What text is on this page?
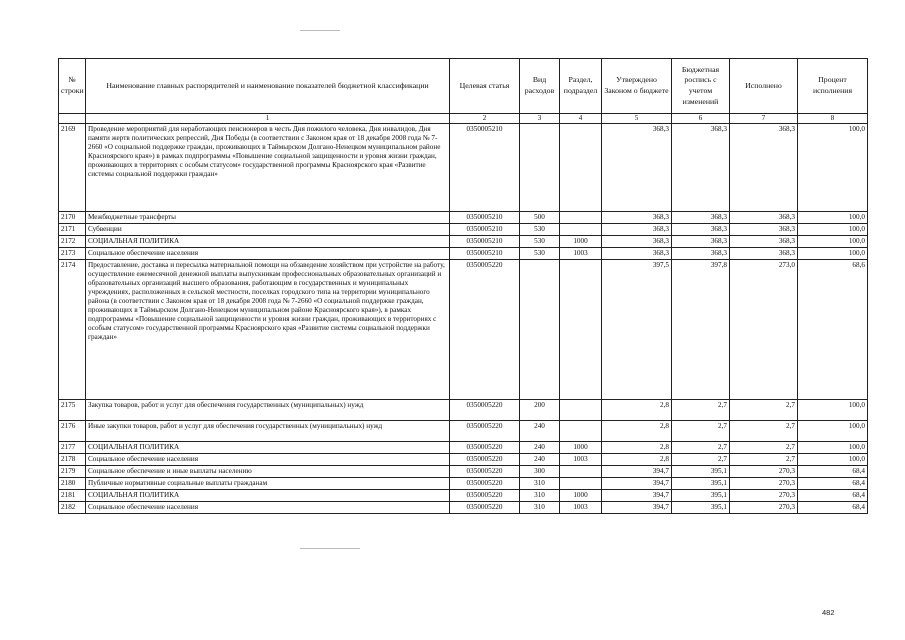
№ строки	Наименование главных распорядителей и наименование показателей бюджетной классификации	Целевая статья	Вид расходов	Раздел, подраздел	Утверждено Законом о бюджете	Бюджетная роспись с учетом изменений	Исполнено	Процент исполнения
	1	2	3	4	5	6	7	8
2169	Проведение мероприятий для неработающих пенсионеров в честь Дня пожилого человека, Дня инвалидов, Дня памяти жертв политических репрессий, Дня Победы (в соответствии с Законом края от 18 декабря 2008 года № 7-2660 «О социальной поддержке граждан, проживающих в Таймырском Долгано-Ненецком муниципальном районе Красноярского края») в рамках подпрограммы «Повышение социальной защищенности и уровня жизни граждан, проживающих в территориях с особым статусом» государственной программы Красноярского края «Развитие системы социальной поддержки граждан»	0350005210			368,3	368,3	368,3	100,0
2170	Межбюджетные трансферты	0350005210	500		368,3	368,3	368,3	100,0
2171	Субвенции	0350005210	530		368,3	368,3	368,3	100,0
2172	СОЦИАЛЬНАЯ ПОЛИТИКА	0350005210	530	1000	368,3	368,3	368,3	100,0
2173	Социальное обеспечение населения	0350005210	530	1003	368,3	368,3	368,3	100,0
2174	Предоставление, доставка и пересылка материальной помощи на обзаведение хозяйством при устройстве на работу, осуществление ежемесячной денежной выплаты выпускникам профессиональных образовательных организаций и образовательных организаций высшего образования, работающим в государственных и муниципальных учреждениях, расположенных в сельской местности, поселках городского типа на территории муниципального района (в соответствии с Законом края от 18 декабря 2008 года № 7-2660 «О социальной поддержке граждан, проживающих в Таймырском Долгано-Ненецком муниципальном районе Красноярского края»), в рамках подпрограммы «Повышение социальной защищенности и уровня жизни граждан, проживающих в территориях с особым статусом» государственной программы Красноярского края «Развитие системы социальной поддержки граждан»	0350005220			397,5	397,8	273,0	68,6
2175	Закупка товаров, работ и услуг для обеспечения государственных (муниципальных) нужд	0350005220	200		2,8	2,7	2,7	100,0
2176	Иные закупки товаров, работ и услуг для обеспечения государственных (муниципальных) нужд	0350005220	240		2,8	2,7	2,7	100,0
2177	СОЦИАЛЬНАЯ ПОЛИТИКА	0350005220	240	1000	2,8	2,7	2,7	100,0
2178	Социальное обеспечение населения	0350005220	240	1003	2,8	2,7	2,7	100,0
2179	Социальное обеспечение и иные выплаты населению	0350005220	300		394,7	395,1	270,3	68,4
2180	Публичные нормативные социальные выплаты гражданам	0350005220	310		394,7	395,1	270,3	68,4
2181	СОЦИАЛЬНАЯ ПОЛИТИКА	0350005220	310	1000	394,7	395,1	270,3	68,4
2182	Социальное обеспечение населения	0350005220	310	1003	394,7	395,1	270,3	68,4
482
